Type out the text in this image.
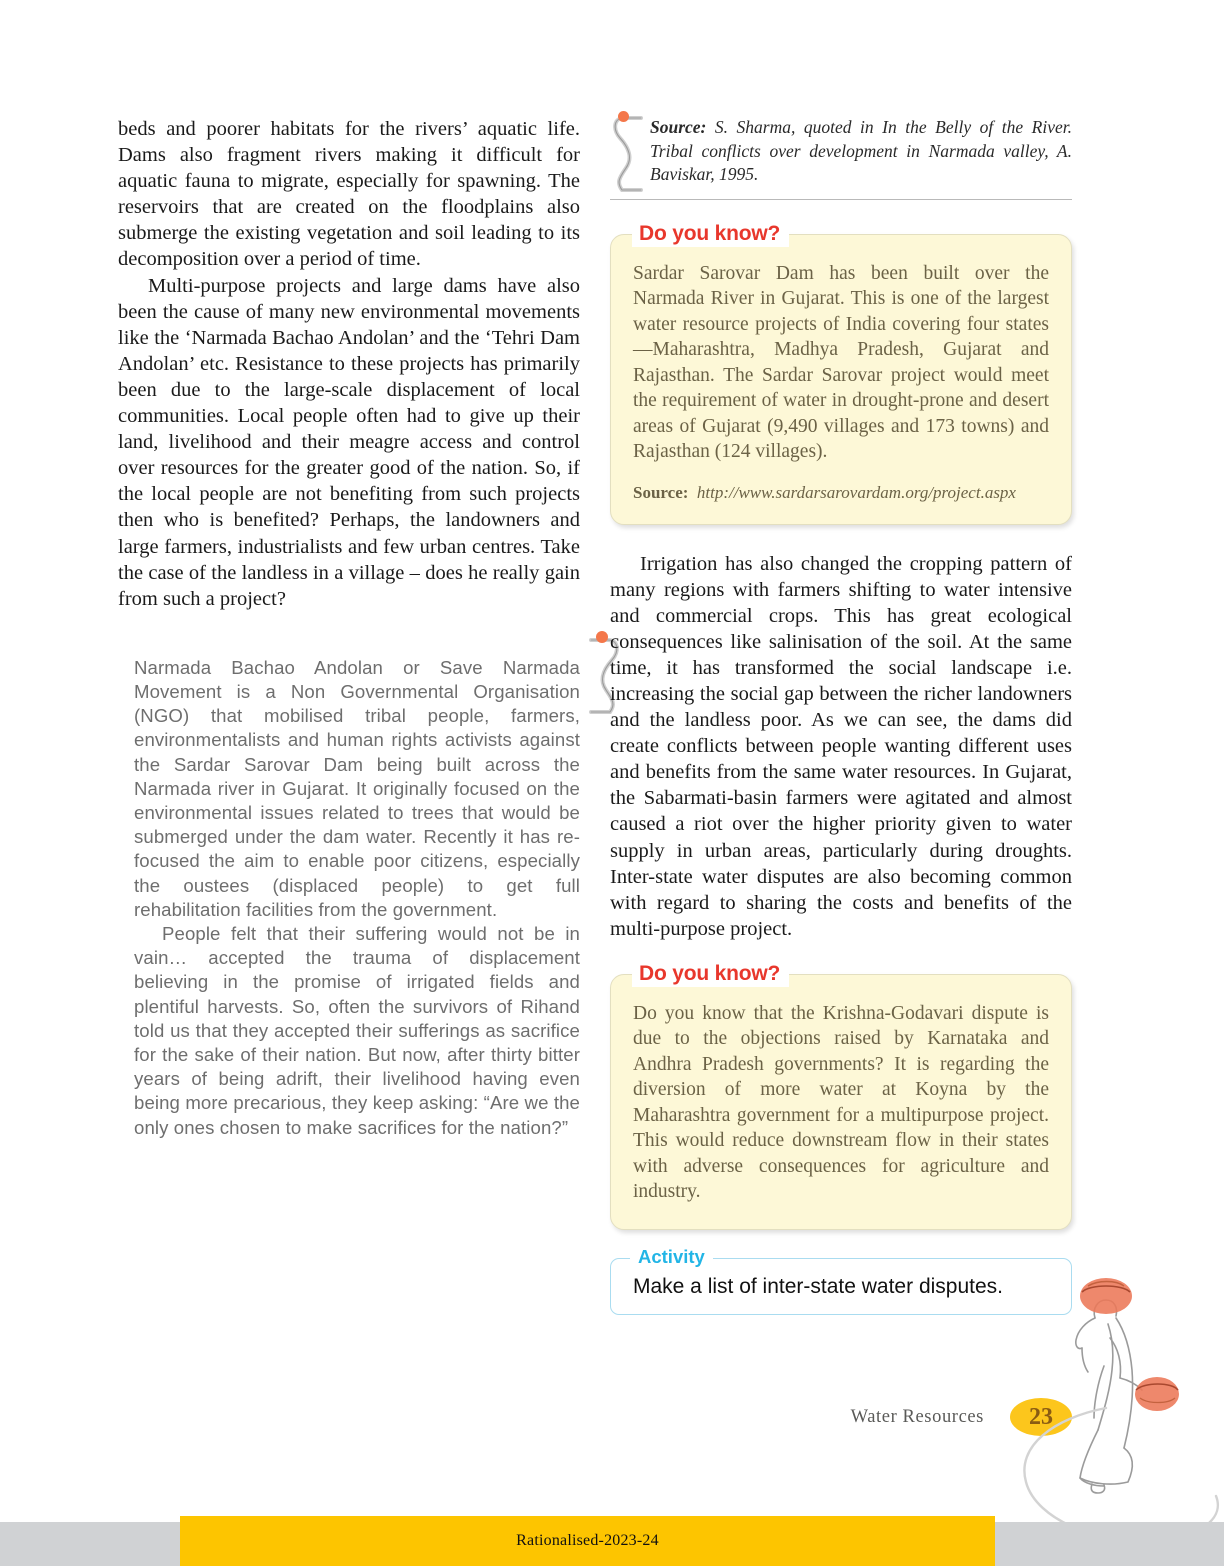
beds and poorer habitats for the rivers’ aquatic life. Dams also fragment rivers making it difficult for aquatic fauna to migrate, especially for spawning. The reservoirs that are created on the floodplains also submerge the existing vegetation and soil leading to its decomposition over a period of time.

Multi-purpose projects and large dams have also been the cause of many new environmental movements like the ‘Narmada Bachao Andolan’ and the ‘Tehri Dam Andolan’ etc. Resistance to these projects has primarily been due to the large-scale displacement of local communities. Local people often had to give up their land, livelihood and their meagre access and control over resources for the greater good of the nation. So, if the local people are not benefiting from such projects then who is benefited? Perhaps, the landowners and large farmers, industrialists and few urban centres. Take the case of the landless in a village – does he really gain from such a project?

Narmada Bachao Andolan or Save Narmada Movement is a Non Governmental Organisation (NGO) that mobilised tribal people, farmers, environmentalists and human rights activists against the Sardar Sarovar Dam being built across the Narmada river in Gujarat. It originally focused on the environmental issues related to trees that would be submerged under the dam water. Recently it has re-focused the aim to enable poor citizens, especially the oustees (displaced people) to get full rehabilitation facilities from the government.

People felt that their suffering would not be in vain… accepted the trauma of displacement believing in the promise of irrigated fields and plentiful harvests. So, often the survivors of Rihand told us that they accepted their sufferings as sacrifice for the sake of their nation. But now, after thirty bitter years of being adrift, their livelihood having even being more precarious, they keep asking: “Are we the only ones chosen to make sacrifices for the nation?”

Source: S. Sharma, quoted in In the Belly of the River. Tribal conflicts over development in Narmada valley, A. Baviskar, 1995.
Do you know?
Sardar Sarovar Dam has been built over the Narmada River in Gujarat. This is one of the largest water resource projects of India covering four states—Maharashtra, Madhya Pradesh, Gujarat and Rajasthan. The Sardar Sarovar project would meet the requirement of water in drought-prone and desert areas of Gujarat (9,490 villages and 173 towns) and Rajasthan (124 villages).
Source: http://www.sardarsarovardam.org/project.aspx

Irrigation has also changed the cropping pattern of many regions with farmers shifting to water intensive and commercial crops. This has great ecological consequences like salinisation of the soil. At the same time, it has transformed the social landscape i.e. increasing the social gap between the richer landowners and the landless poor. As we can see, the dams did create conflicts between people wanting different uses and benefits from the same water resources. In Gujarat, the Sabarmati-basin farmers were agitated and almost caused a riot over the higher priority given to water supply in urban areas, particularly during droughts. Inter-state water disputes are also becoming common with regard to sharing the costs and benefits of the multi-purpose project.

Do you know?
Do you know that the Krishna-Godavari dispute is due to the objections raised by Karnataka and Andhra Pradesh governments? It is regarding the diversion of more water at Koyna by the Maharashtra government for a multipurpose project. This would reduce downstream flow in their states with adverse consequences for agriculture and industry.
Activity
Make a list of inter-state water disputes.
Water Resources 23
Rationalised-2023-24
